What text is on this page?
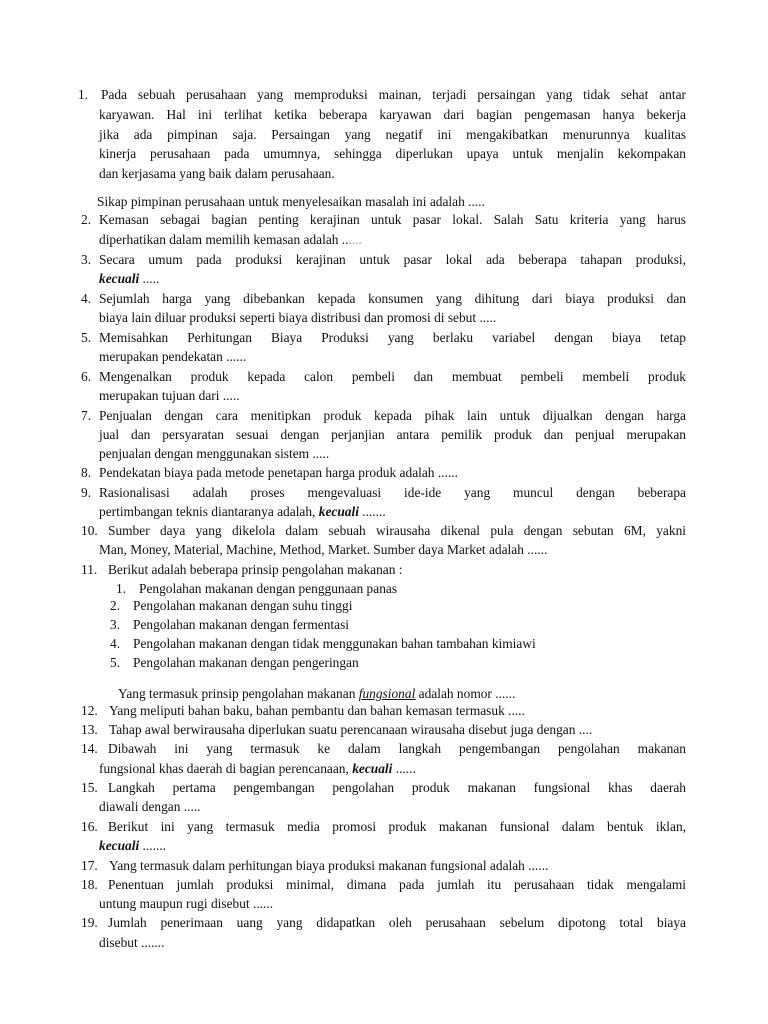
1. Pada sebuah perusahaan yang memproduksi mainan, terjadi persaingan yang tidak sehat antar

karyawan. Hal ini terlihat ketika beberapa karyawan dari bagian pengemasan hanya bekerja

jika ada pimpinan saja. Persaingan yang negatif ini mengakibatkan menurunnya kualitas

kinerja perusahaan pada umumnya, sehingga diperlukan upaya untuk menjalin kekompakan

dan kerjasama yang baik dalam perusahaan.

Sikap pimpinan perusahaan untuk menyelesaikan masalah ini adalah .....

2. Kemasan sebagai bagian penting kerajinan untuk pasar lokal. Salah Satu kriteria yang harus

diperhatikan dalam memilih kemasan adalah ......

3. Secara umum pada produksi kerajinan untuk pasar lokal ada beberapa tahapan produksi,

kecuali .....

4. Sejumlah harga yang dibebankan kepada konsumen yang dihitung dari biaya produksi dan

biaya lain diluar produksi seperti biaya distribusi dan promosi di sebut .....

5. Memisahkan Perhitungan Biaya Produksi yang berlaku variabel dengan biaya tetap

merupakan pendekatan ......

6. Mengenalkan produk kepada calon pembeli dan membuat pembeli membeli produk

merupakan tujuan dari .....

7. Penjualan dengan cara menitipkan produk kepada pihak lain untuk dijualkan dengan harga

jual dan persyaratan sesuai dengan perjanjian antara pemilik produk dan penjual merupakan

penjualan dengan menggunakan sistem .....

8. Pendekatan biaya pada metode penetapan harga produk adalah ......

9. Rasionalisasi adalah proses mengevaluasi ide-ide yang muncul dengan beberapa

pertimbangan teknis diantaranya adalah, kecuali .......

10. Sumber daya yang dikelola dalam sebuah wirausaha dikenal pula dengan sebutan 6M, yakni

Man, Money, Material, Machine, Method, Market. Sumber daya Market adalah ......

11. Berikut adalah beberapa prinsip pengolahan makanan :

1. Pengolahan makanan dengan penggunaan panas

2. Pengolahan makanan dengan suhu tinggi

3. Pengolahan makanan dengan fermentasi

4. Pengolahan makanan dengan tidak menggunakan bahan tambahan kimiawi

5. Pengolahan makanan dengan pengeringan

Yang termasuk prinsip pengolahan makanan fungsional adalah nomor ......

12. Yang meliputi bahan baku, bahan pembantu dan bahan kemasan termasuk .....

13. Tahap awal berwirausaha diperlukan suatu perencanaan wirausaha disebut juga dengan ....

14. Dibawah ini yang termasuk ke dalam langkah pengembangan pengolahan makanan

fungsional khas daerah di bagian perencanaan, kecuali ......

15. Langkah pertama pengembangan pengolahan produk makanan fungsional khas daerah

diawali dengan .....

16. Berikut ini yang termasuk media promosi produk makanan funsional dalam bentuk iklan,

kecuali .......

17. Yang termasuk dalam perhitungan biaya produksi makanan fungsional adalah ......

18. Penentuan jumlah produksi minimal, dimana pada jumlah itu perusahaan tidak mengalami

untung maupun rugi disebut ......

19. Jumlah penerimaan uang yang didapatkan oleh perusahaan sebelum dipotong total biaya

disebut .......
